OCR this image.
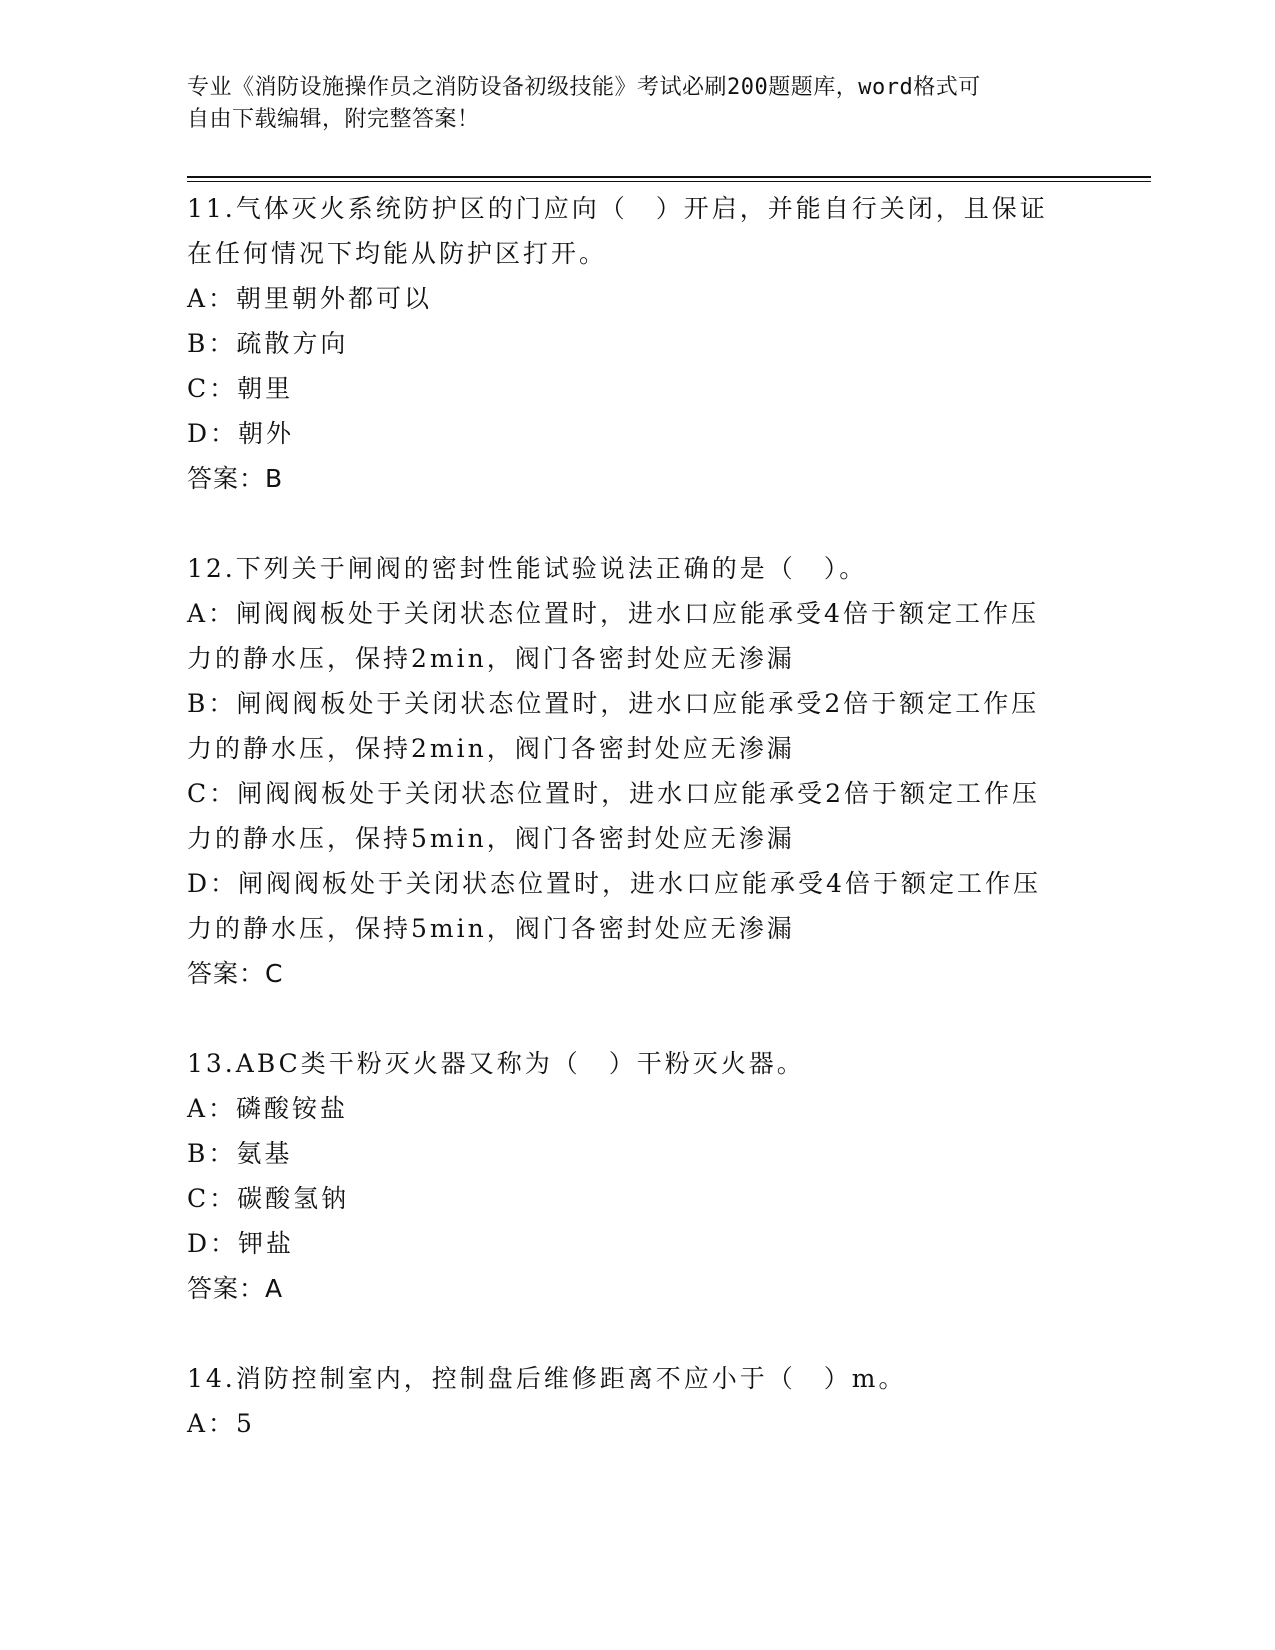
专业《消防设施操作员之消防设备初级技能》考试必刷200题题库，word格式可
自由下载编辑，附完整答案！
11.气体灭火系统防护区的门应向（　）开启，并能自行关闭，且保证
在任何情况下均能从防护区打开。
A：朝里朝外都可以
B：疏散方向
C：朝里
D：朝外
答案：B
12.下列关于闸阀的密封性能试验说法正确的是（　）。
A：闸阀阀板处于关闭状态位置时，进水口应能承受4倍于额定工作压
力的静水压，保持2min，阀门各密封处应无渗漏
B：闸阀阀板处于关闭状态位置时，进水口应能承受2倍于额定工作压
力的静水压，保持2min，阀门各密封处应无渗漏
C：闸阀阀板处于关闭状态位置时，进水口应能承受2倍于额定工作压
力的静水压，保持5min，阀门各密封处应无渗漏
D：闸阀阀板处于关闭状态位置时，进水口应能承受4倍于额定工作压
力的静水压，保持5min，阀门各密封处应无渗漏
答案：C
13.ABC类干粉灭火器又称为（　）干粉灭火器。
A：磷酸铵盐
B：氨基
C：碳酸氢钠
D：钾盐
答案：A
14.消防控制室内，控制盘后维修距离不应小于（　）m。
A：5
